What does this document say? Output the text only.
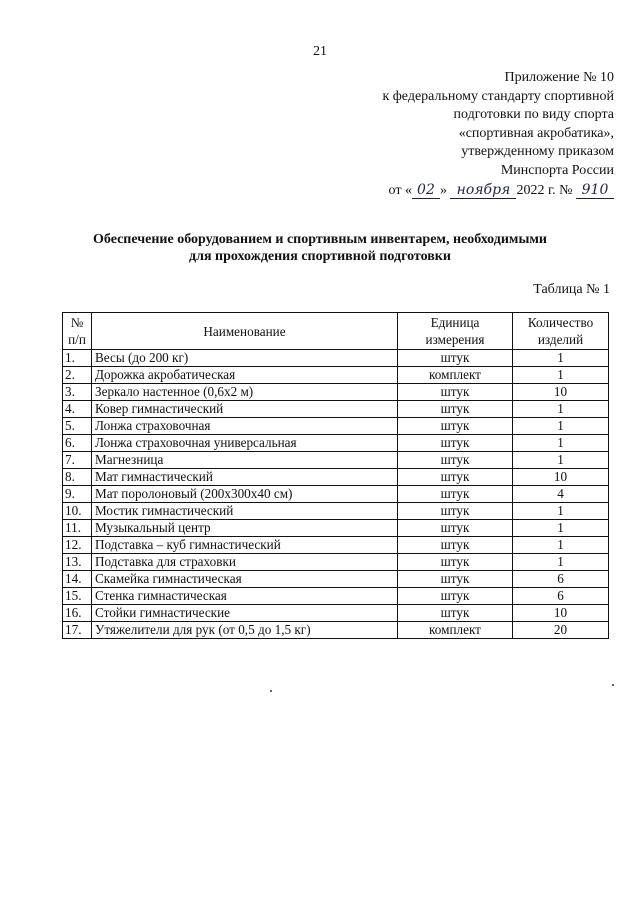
21
Приложение № 10
к федеральному стандарту спортивной
подготовки по виду спорта
«спортивная акробатика»,
утвержденному приказом
Минспорта России
от « 02 » ноября 2022 г. № 910
Обеспечение оборудованием и спортивным инвентарем, необходимыми
для прохождения спортивной подготовки
Таблица № 1
№ п/п	Наименование	Единица измерения	Количество изделий
1.	Весы (до 200 кг)	штук	1
2.	Дорожка акробатическая	комплект	1
3.	Зеркало настенное (0,6х2 м)	штук	10
4.	Ковер гимнастический	штук	1
5.	Лонжа страховочная	штук	1
6.	Лонжа страховочная универсальная	штук	1
7.	Магнезница	штук	1
8.	Мат гимнастический	штук	10
9.	Мат поролоновый (200х300х40 см)	штук	4
10.	Мостик гимнастический	штук	1
11.	Музыкальный центр	штук	1
12.	Подставка – куб гимнастический	штук	1
13.	Подставка для страховки	штук	1
14.	Скамейка гимнастическая	штук	6
15.	Стенка гимнастическая	штук	6
16.	Стойки гимнастические	штук	10
17.	Утяжелители для рук (от 0,5 до 1,5 кг)	комплект	20
